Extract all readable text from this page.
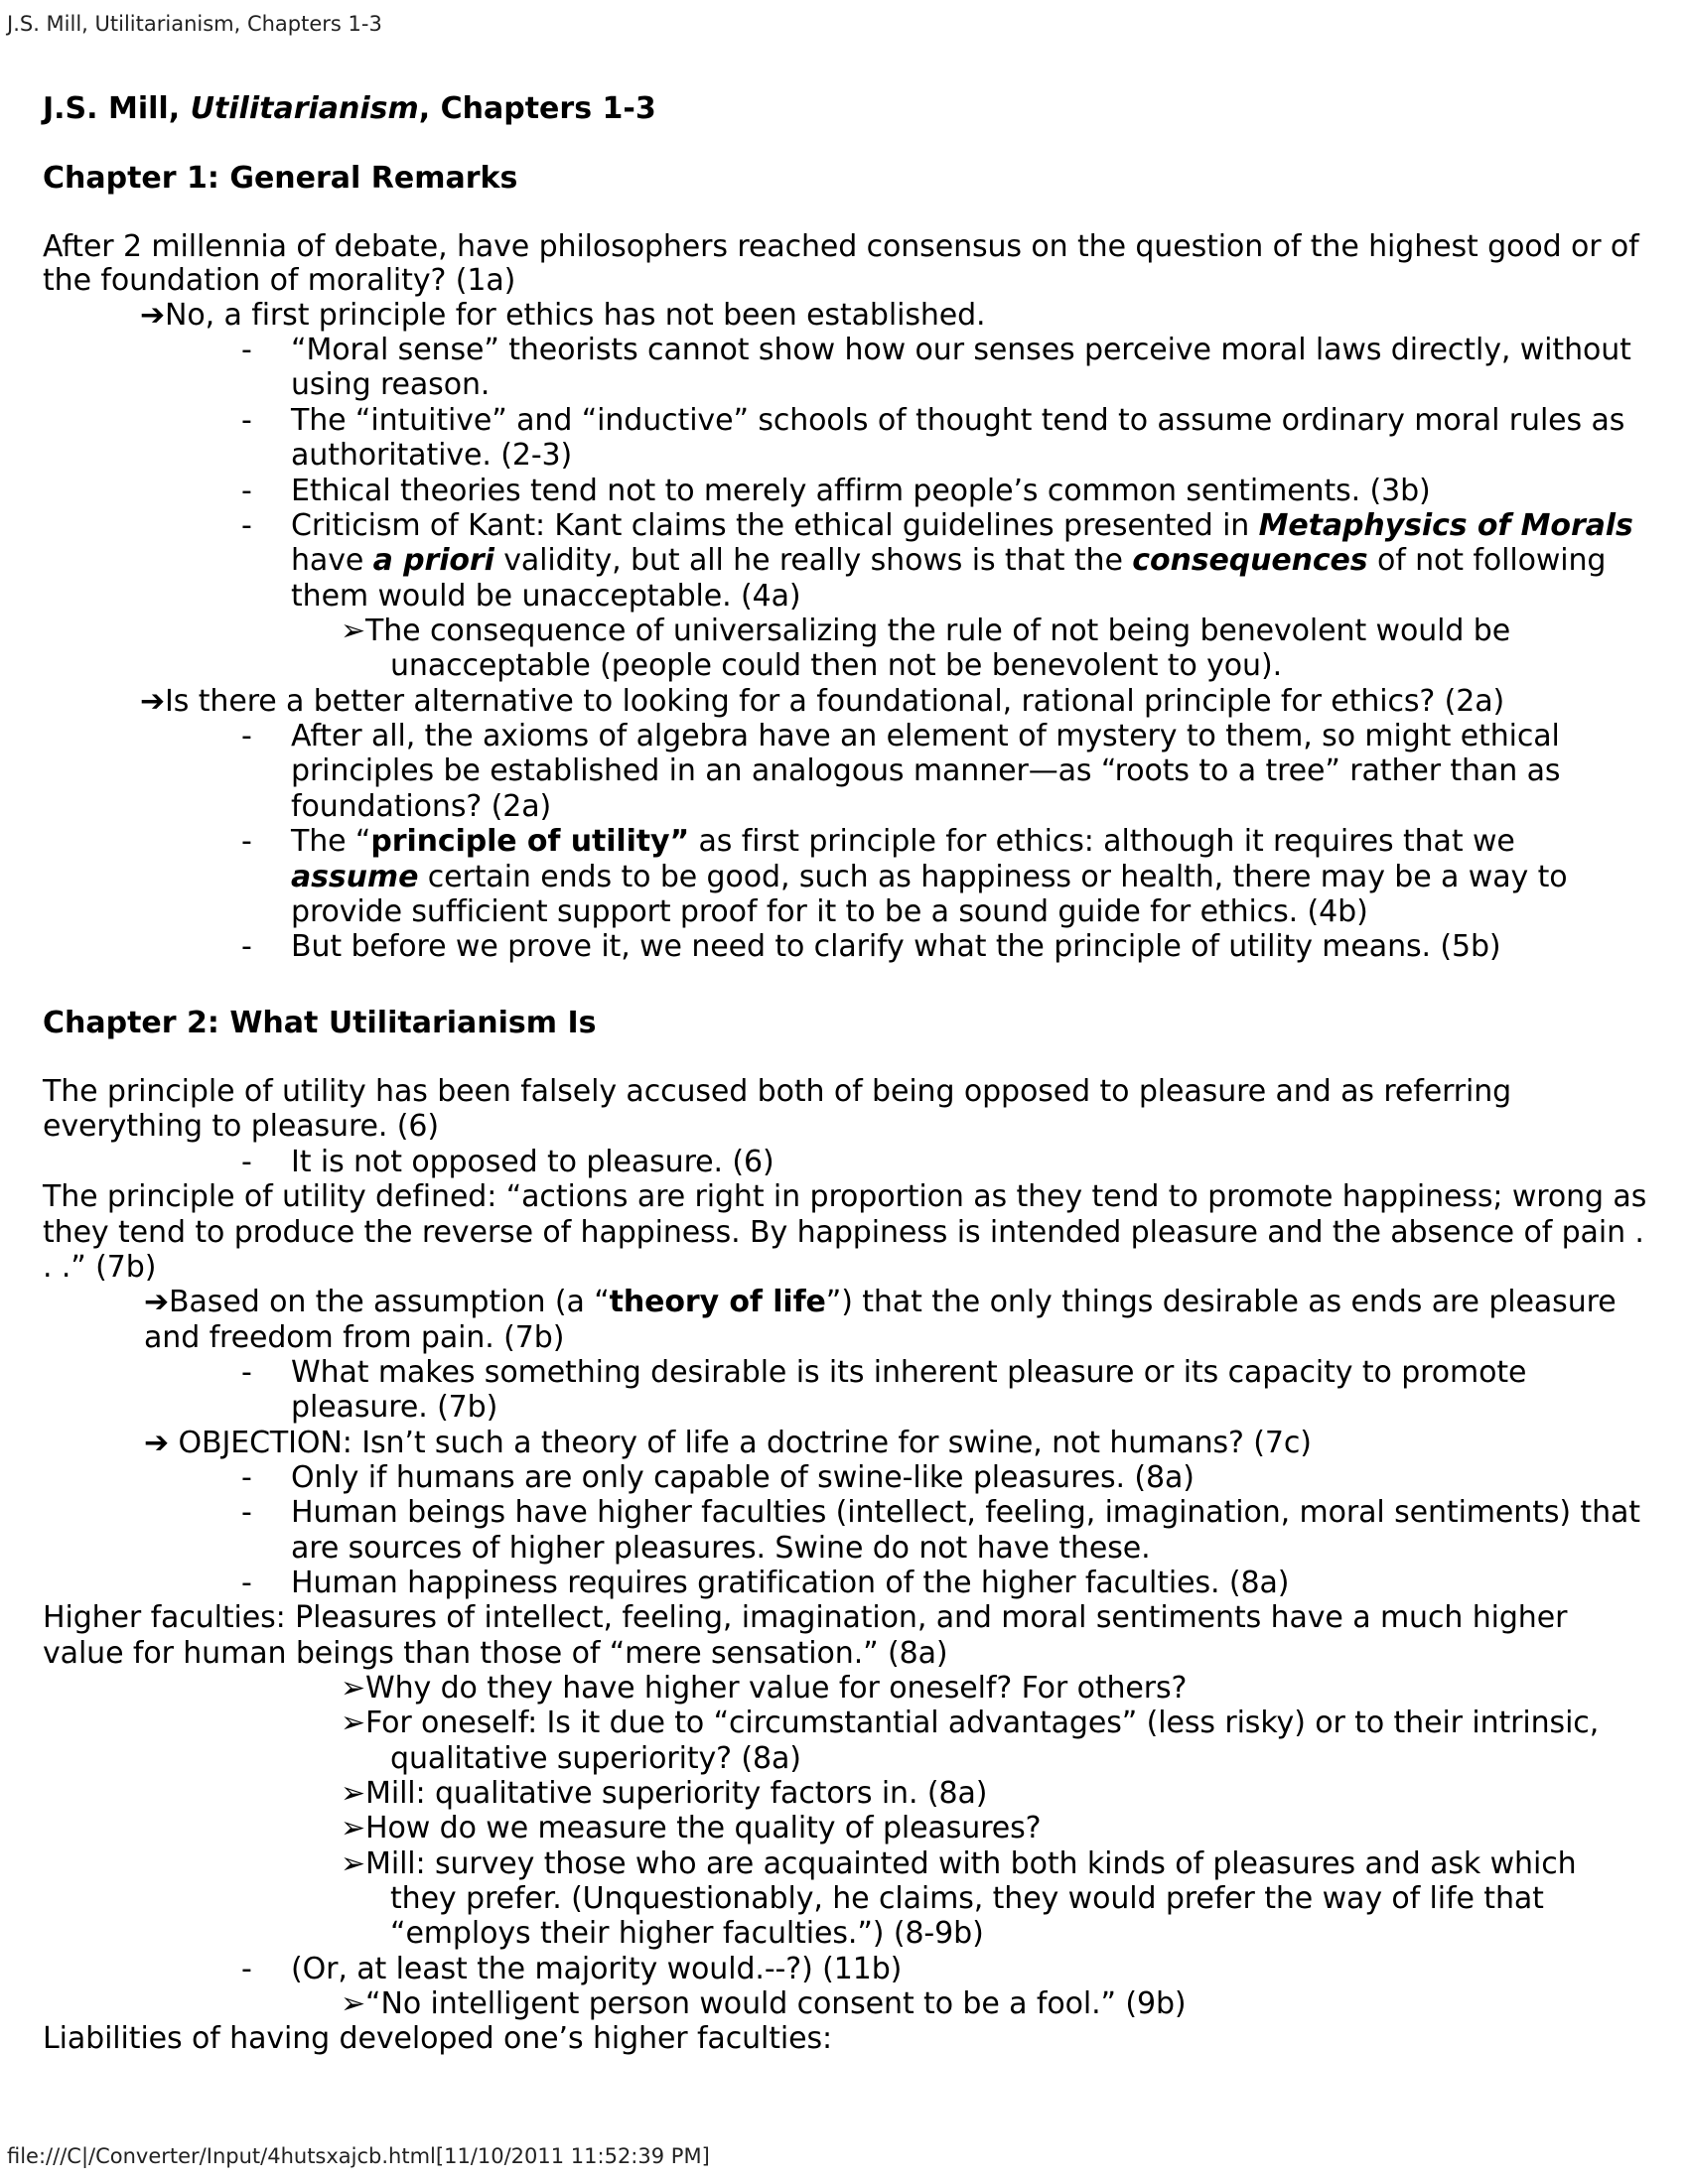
J.S. Mill, Utilitarianism, Chapters 1-3
J.S. Mill, Utilitarianism, Chapters 1-3
Chapter 1: General Remarks
After 2 millennia of debate, have philosophers reached consensus on the question of the highest good or of
the foundation of morality? (1a)
➔No, a first principle for ethics has not been established.
- “Moral sense” theorists cannot show how our senses perceive moral laws directly, without
using reason.
- The “intuitive” and “inductive” schools of thought tend to assume ordinary moral rules as
authoritative. (2-3)
- Ethical theories tend not to merely affirm people’s common sentiments. (3b)
- Criticism of Kant: Kant claims the ethical guidelines presented in Metaphysics of Morals
have a priori validity, but all he really shows is that the consequences of not following
them would be unacceptable. (4a)
➢The consequence of universalizing the rule of not being benevolent would be
unacceptable (people could then not be benevolent to you).
➔Is there a better alternative to looking for a foundational, rational principle for ethics? (2a)
- After all, the axioms of algebra have an element of mystery to them, so might ethical
principles be established in an analogous manner—as “roots to a tree” rather than as
foundations? (2a)
- The “principle of utility” as first principle for ethics: although it requires that we
assume certain ends to be good, such as happiness or health, there may be a way to
provide sufficient support proof for it to be a sound guide for ethics. (4b)
- But before we prove it, we need to clarify what the principle of utility means. (5b)
Chapter 2: What Utilitarianism Is
The principle of utility has been falsely accused both of being opposed to pleasure and as referring
everything to pleasure. (6)
- It is not opposed to pleasure. (6)
The principle of utility defined: “actions are right in proportion as they tend to promote happiness; wrong as
they tend to produce the reverse of happiness. By happiness is intended pleasure and the absence of pain .
. .” (7b)
➔Based on the assumption (a “theory of life”) that the only things desirable as ends are pleasure
and freedom from pain. (7b)
- What makes something desirable is its inherent pleasure or its capacity to promote
pleasure. (7b)
➔ OBJECTION: Isn’t such a theory of life a doctrine for swine, not humans? (7c)
- Only if humans are only capable of swine-like pleasures. (8a)
- Human beings have higher faculties (intellect, feeling, imagination, moral sentiments) that
are sources of higher pleasures. Swine do not have these.
- Human happiness requires gratification of the higher faculties. (8a)
Higher faculties: Pleasures of intellect, feeling, imagination, and moral sentiments have a much higher
value for human beings than those of “mere sensation.” (8a)
➢Why do they have higher value for oneself? For others?
➢For oneself: Is it due to “circumstantial advantages” (less risky) or to their intrinsic,
qualitative superiority? (8a)
➢Mill: qualitative superiority factors in. (8a)
➢How do we measure the quality of pleasures?
➢Mill: survey those who are acquainted with both kinds of pleasures and ask which
they prefer. (Unquestionably, he claims, they would prefer the way of life that
“employs their higher faculties.”) (8-9b)
- (Or, at least the majority would.--?) (11b)
➢“No intelligent person would consent to be a fool.” (9b)
Liabilities of having developed one’s higher faculties:
file:///C|/Converter/Input/4hutsxajcb.html[11/10/2011 11:52:39 PM]
